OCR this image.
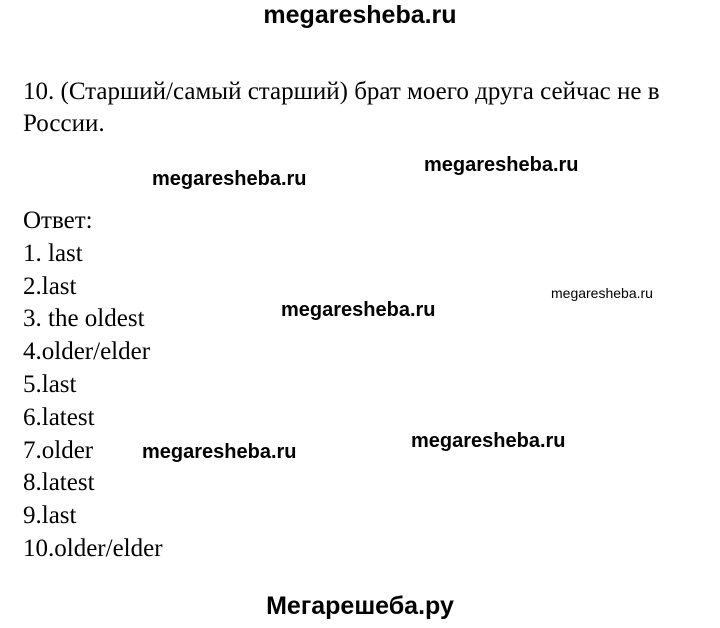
megaresheba.ru

10. (Старший/самый старший) брат моего друга сейчас не в России.

megaresheba.ru
megaresheba.ru
megaresheba.ru
megaresheba.ru
megaresheba.ru	megaresheba.ru
Ответ:
1. last
2.last
3. the oldest
4.older/elder
5.last
6.latest
7.older
8.latest
9.last
10.older/elder
Мегарешеба.ру
